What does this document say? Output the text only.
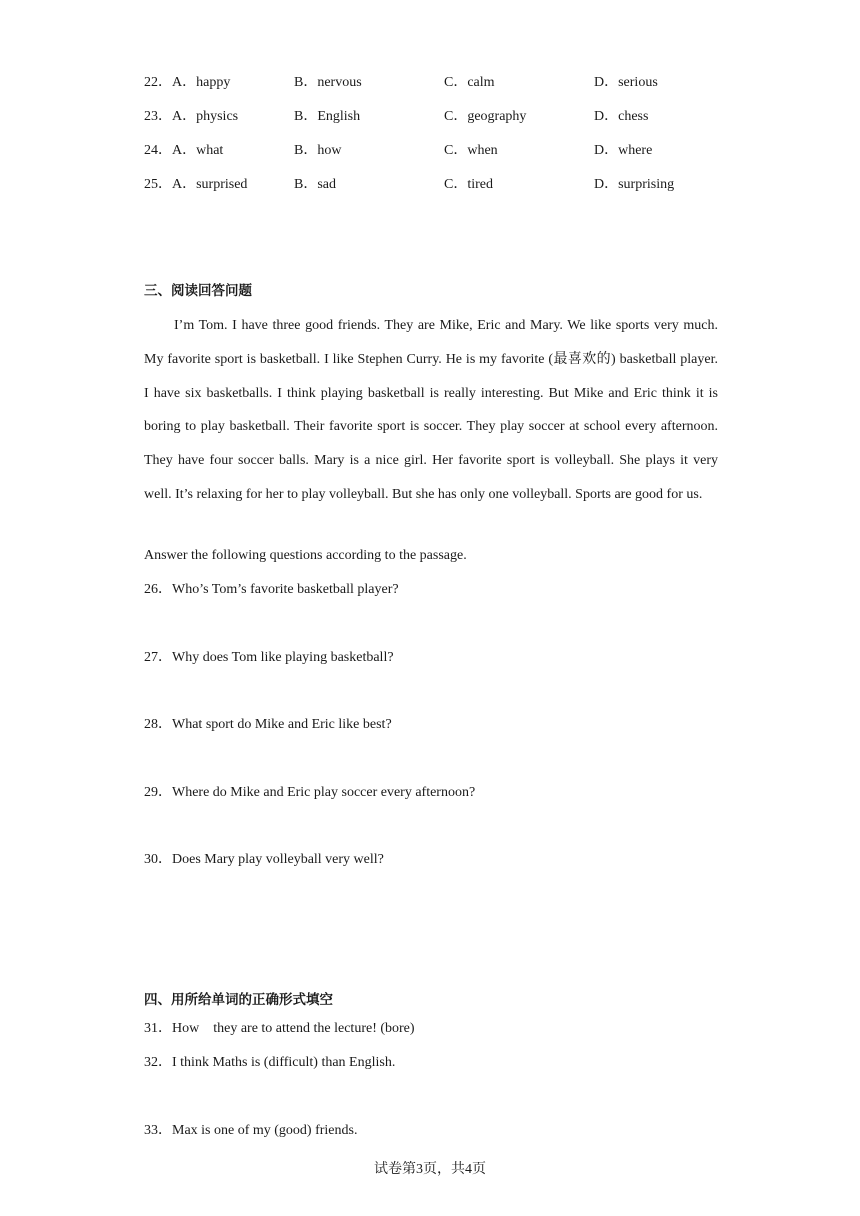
22．A．happy	B．nervous	C．calm	D．serious
23．A．physics	B．English	C．geography	D．chess
24．A．what	B．how	C．when	D．where
25．A．surprised	B．sad	C．tired	D．surprising
三、阅读回答问题
I’m Tom. I have three good friends. They are Mike, Eric and Mary. We like sports very much. My favorite sport is basketball. I like Stephen Curry. He is my favorite (最喜欢的) basketball player. I have six basketballs. I think playing basketball is really interesting. But Mike and Eric think it is boring to play basketball. Their favorite sport is soccer. They play soccer at school every afternoon. They have four soccer balls. Mary is a nice girl. Her favorite sport is volleyball. She plays it very well. It’s relaxing for her to play volleyball. But she has only one volleyball. Sports are good for us.
Answer the following questions according to the passage.
26．Who’s Tom’s favorite basketball player?
27．Why does Tom like playing basketball?
28．What sport do Mike and Eric like best?
29．Where do Mike and Eric play soccer every afternoon?
30．Does Mary play volleyball very well?
四、用所给单词的正确形式填空
31．How    they are to attend the lecture! (bore)
32．I think Maths is (difficult) than English.
33．Max is one of my (good) friends.
试卷第3页，共4页
